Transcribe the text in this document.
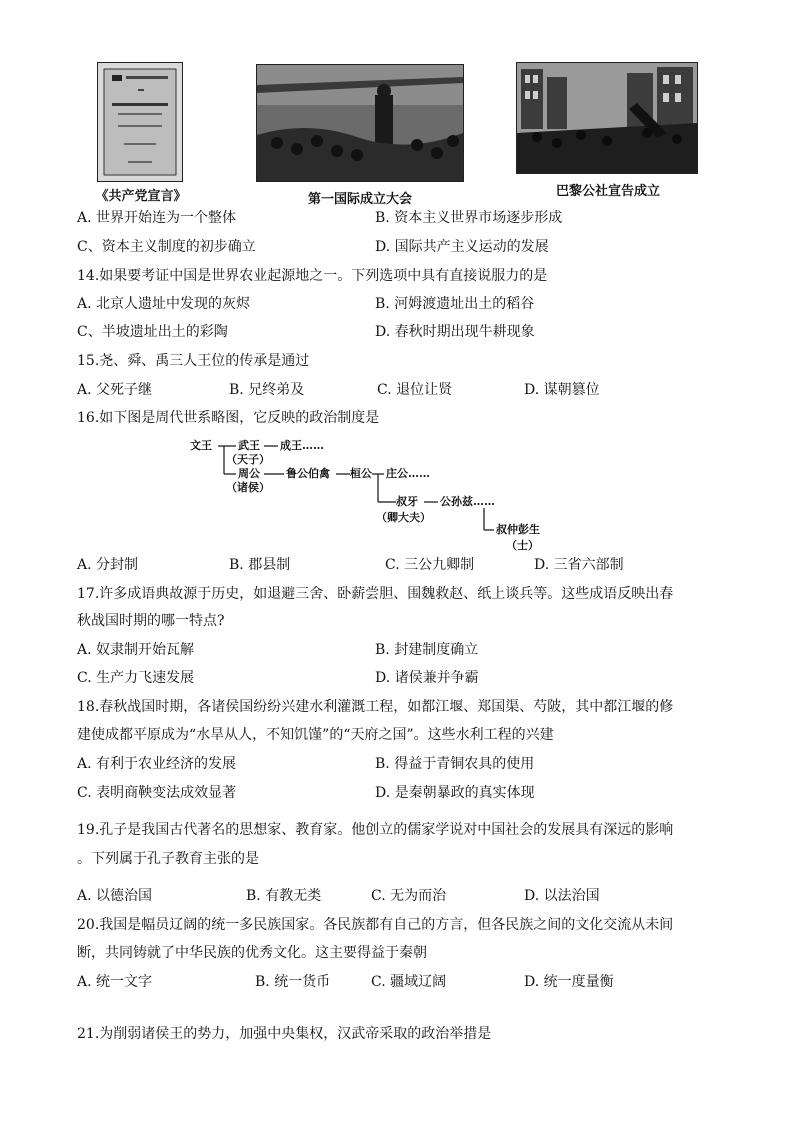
《共产党宣言》	第一国际成立大会
巴黎公社宣告成立
A. 世界开始连为一个整体	B. 资本主义世界市场逐步形成
C、资本主义制度的初步确立	D. 国际共产主义运动的发展
14.如果要考证中国是世界农业起源地之一。下列选项中具有直接说服力的是
A. 北京人遗址中发现的灰烬	B. 河姆渡遗址出土的稻谷
C、半坡遗址出土的彩陶	D. 春秋时期出现牛耕现象
15.尧、舜、禹三人王位的传承是通过
A. 父死子继	B. 兄终弟及	C. 退位让贤	D. 谋朝篡位
16.如下图是周代世系略图，它反映的政治制度是
文王 武王 成王……
（天子）
周公
（诸侯）
鲁公伯禽 桓公 庄公……
叔牙 公孙兹……
（卿大夫）
叔仲彭生
（士）
A. 分封制	B. 郡县制	C. 三公九卿制	D. 三省六部制
17.许多成语典故源于历史，如退避三舍、卧薪尝胆、围魏救赵、纸上谈兵等。这些成语反映出春
秋战国时期的哪一特点?
A. 奴隶制开始瓦解	B. 封建制度确立
C. 生产力飞速发展	D. 诸侯兼并争霸
18.春秋战国时期，各诸侯国纷纷兴建水利灌溉工程，如都江堰、郑国渠、芍陂，其中都江堰的修
建使成都平原成为“水旱从人，不知饥馑”的“天府之国”。这些水利工程的兴建
A. 有利于农业经济的发展	B. 得益于青铜农具的使用
C. 表明商鞅变法成效显著	D. 是秦朝暴政的真实体现
19.孔子是我国古代著名的思想家、教育家。他创立的儒家学说对中国社会的发展具有深远的影响
。下列属于孔子教育主张的是
A. 以德治国	B. 有教无类	C. 无为而治	D. 以法治国
20.我国是幅员辽阔的统一多民族国家。各民族都有自己的方言，但各民族之间的文化交流从未间
断，共同铸就了中华民族的优秀文化。这主要得益于秦朝
A. 统一文字	B. 统一货币	C. 疆域辽阔	D. 统一度量衡
21.为削弱诸侯王的势力，加强中央集权，汉武帝采取的政治举措是
